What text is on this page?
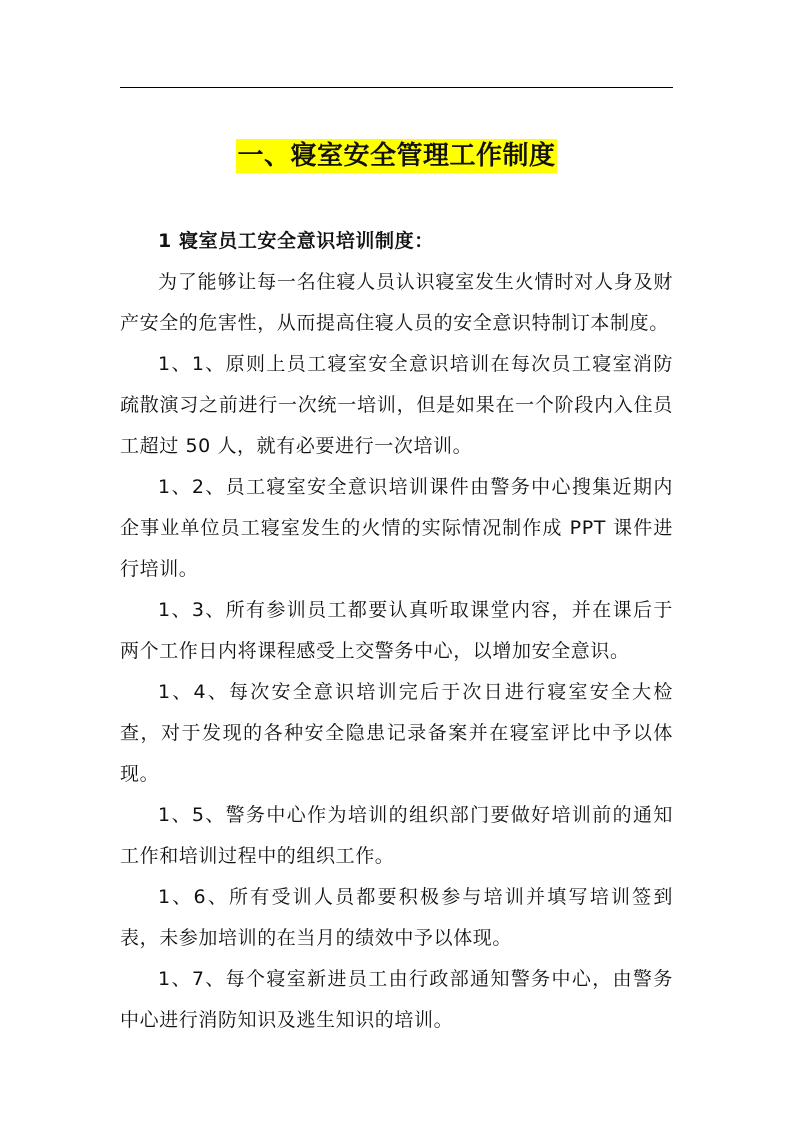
一、寝室安全管理工作制度

1 寝室员工安全意识培训制度：

为了能够让每一名住寝人员认识寝室发生火情时对人身及财产安全的危害性，从而提高住寝人员的安全意识特制订本制度。

1、1、原则上员工寝室安全意识培训在每次员工寝室消防疏散演习之前进行一次统一培训，但是如果在一个阶段内入住员工超过 50 人，就有必要进行一次培训。

1、2、员工寝室安全意识培训课件由警务中心搜集近期内企事业单位员工寝室发生的火情的实际情况制作成 PPT 课件进行培训。

1、3、所有参训员工都要认真听取课堂内容，并在课后于两个工作日内将课程感受上交警务中心，以增加安全意识。

1、4、每次安全意识培训完后于次日进行寝室安全大检查，对于发现的各种安全隐患记录备案并在寝室评比中予以体现。

1、5、警务中心作为培训的组织部门要做好培训前的通知工作和培训过程中的组织工作。

1、6、所有受训人员都要积极参与培训并填写培训签到表，未参加培训的在当月的绩效中予以体现。

1、7、每个寝室新进员工由行政部通知警务中心，由警务中心进行消防知识及逃生知识的培训。
